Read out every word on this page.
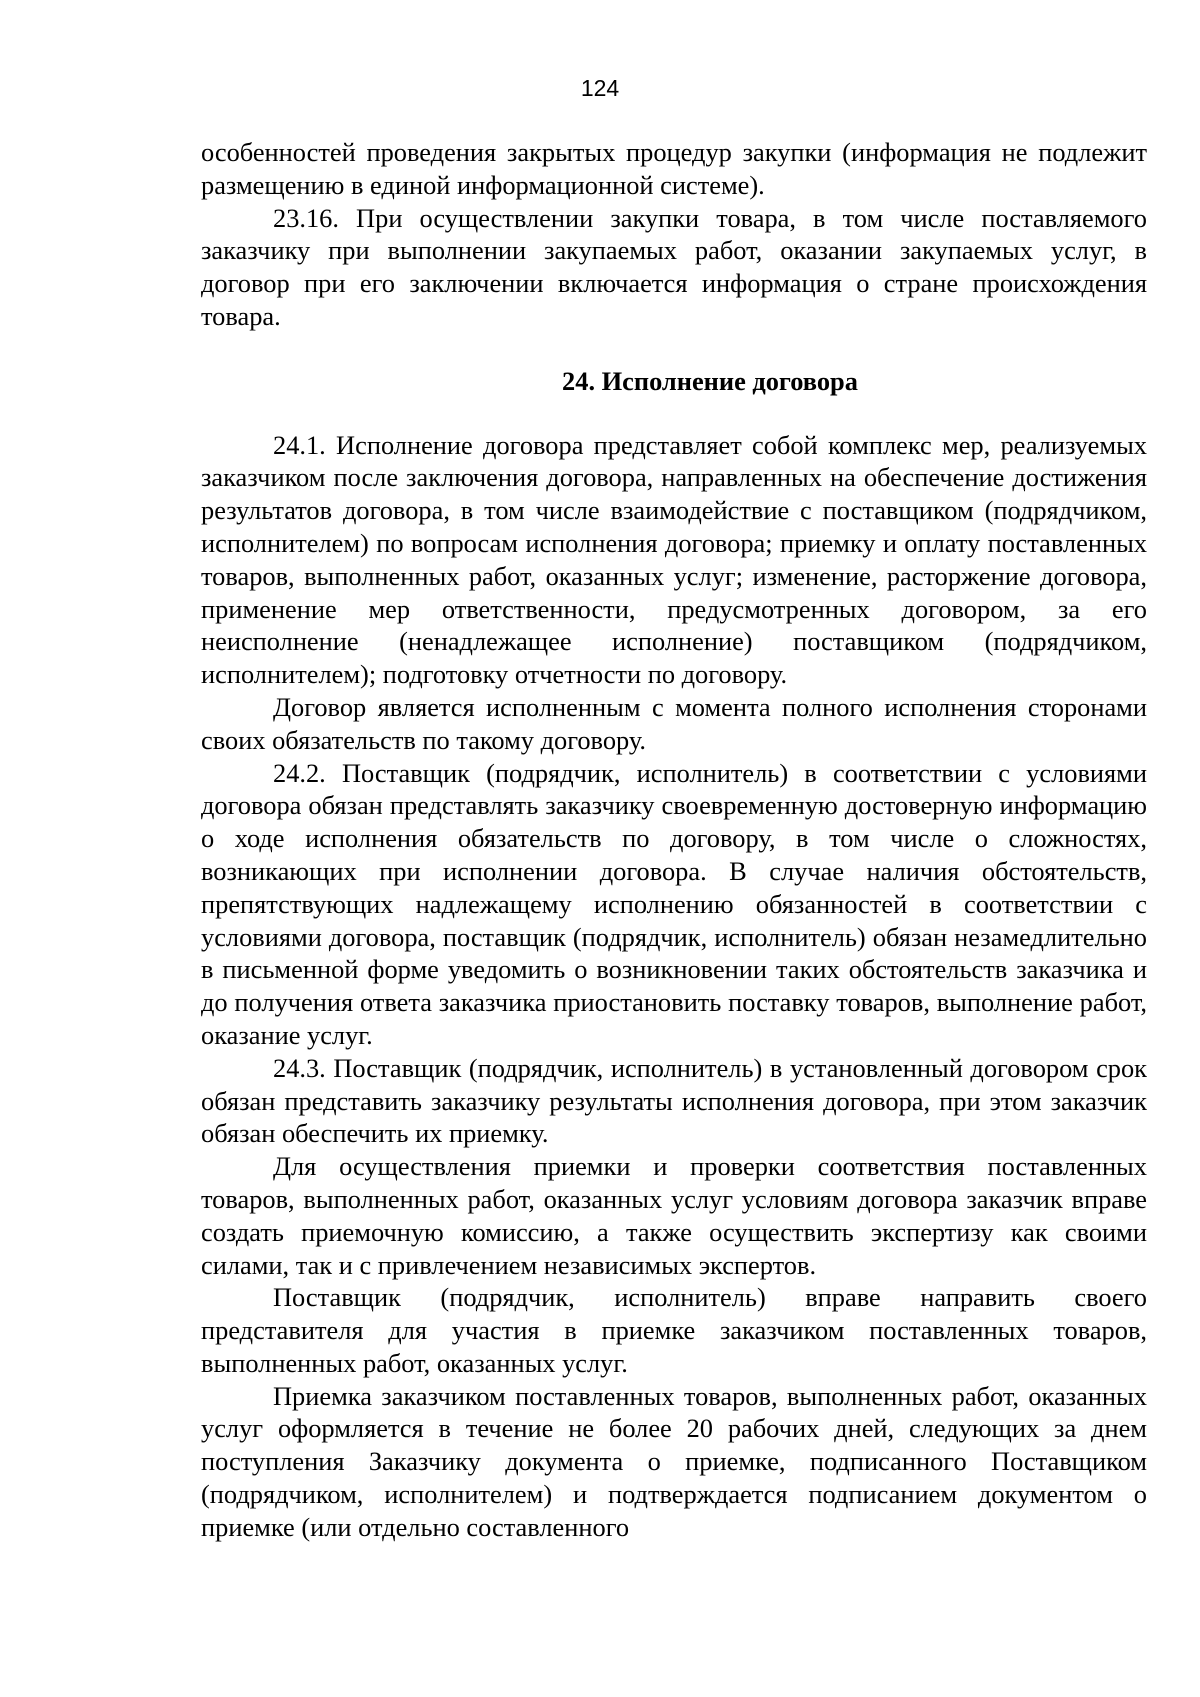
124

особенностей проведения закрытых процедур закупки (информация не подлежит размещению в единой информационной системе).

23.16. При осуществлении закупки товара, в том числе поставляемого заказчику при выполнении закупаемых работ, оказании закупаемых услуг, в договор при его заключении включается информация о стране происхождения товара.

24. Исполнение договора

24.1. Исполнение договора представляет собой комплекс мер, реализуемых заказчиком после заключения договора, направленных на обеспечение достижения результатов договора, в том числе взаимодействие с поставщиком (подрядчиком, исполнителем) по вопросам исполнения договора; приемку и оплату поставленных товаров, выполненных работ, оказанных услуг; изменение, расторжение договора, применение мер ответственности, предусмотренных договором, за его неисполнение (ненадлежащее исполнение) поставщиком (подрядчиком, исполнителем); подготовку отчетности по договору.

Договор является исполненным с момента полного исполнения сторонами своих обязательств по такому договору.

24.2. Поставщик (подрядчик, исполнитель) в соответствии с условиями договора обязан представлять заказчику своевременную достоверную информацию о ходе исполнения обязательств по договору, в том числе о сложностях, возникающих при исполнении договора. В случае наличия обстоятельств, препятствующих надлежащему исполнению обязанностей в соответствии с условиями договора, поставщик (подрядчик, исполнитель) обязан незамедлительно в письменной форме уведомить о возникновении таких обстоятельств заказчика и до получения ответа заказчика приостановить поставку товаров, выполнение работ, оказание услуг.

24.3. Поставщик (подрядчик, исполнитель) в установленный договором срок обязан представить заказчику результаты исполнения договора, при этом заказчик обязан обеспечить их приемку.

Для осуществления приемки и проверки соответствия поставленных товаров, выполненных работ, оказанных услуг условиям договора заказчик вправе создать приемочную комиссию, а также осуществить экспертизу как своими силами, так и с привлечением независимых экспертов.

Поставщик (подрядчик, исполнитель) вправе направить своего представителя для участия в приемке заказчиком поставленных товаров, выполненных работ, оказанных услуг.

Приемка заказчиком поставленных товаров, выполненных работ, оказанных услуг оформляется в течение не более 20 рабочих дней, следующих за днем поступления Заказчику документа о приемке, подписанного Поставщиком (подрядчиком, исполнителем) и подтверждается подписанием документом о приемке (или отдельно составленного
